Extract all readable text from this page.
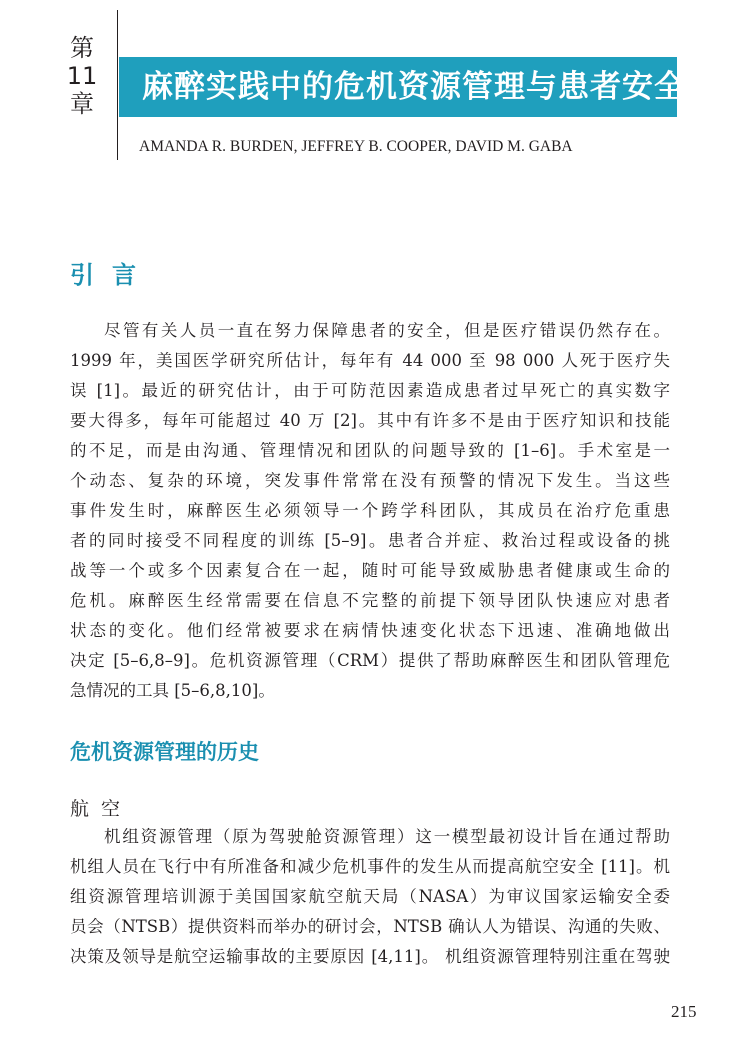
第
11
章	麻醉实践中的危机资源管理与患者安全
AMANDA R. BURDEN, JEFFREY B. COOPER, DAVID M. GABA
引言
尽管有关人员一直在努力保障患者的安全，但是医疗错误仍然存在。
1999 年，美国医学研究所估计，每年有 44 000 至 98 000 人死于医疗失
误 [1]。最近的研究估计，由于可防范因素造成患者过早死亡的真实数字
要大得多，每年可能超过 40 万 [2]。其中有许多不是由于医疗知识和技能
的不足，而是由沟通、管理情况和团队的问题导致的 [1–6]。手术室是一
个动态、复杂的环境，突发事件常常在没有预警的情况下发生。当这些
事件发生时，麻醉医生必须领导一个跨学科团队，其成员在治疗危重患
者的同时接受不同程度的训练 [5–9]。患者合并症、救治过程或设备的挑
战等一个或多个因素复合在一起，随时可能导致威胁患者健康或生命的
危机。麻醉医生经常需要在信息不完整的前提下领导团队快速应对患者
状态的变化。他们经常被要求在病情快速变化状态下迅速、准确地做出
决定 [5–6,8–9]。危机资源管理（CRM）提供了帮助麻醉医生和团队管理危
急情况的工具 [5–6,8,10]。
危机资源管理的历史
航空
机组资源管理（原为驾驶舱资源管理）这一模型最初设计旨在通过帮助
机组人员在飞行中有所准备和减少危机事件的发生从而提高航空安全 [11]。机
组资源管理培训源于美国国家航空航天局（NASA）为审议国家运输安全委
员会（NTSB）提供资料而举办的研讨会，NTSB 确认人为错误、沟通的失败、
决策及领导是航空运输事故的主要原因 [4,11]。 机组资源管理特别注重在驾驶
215
